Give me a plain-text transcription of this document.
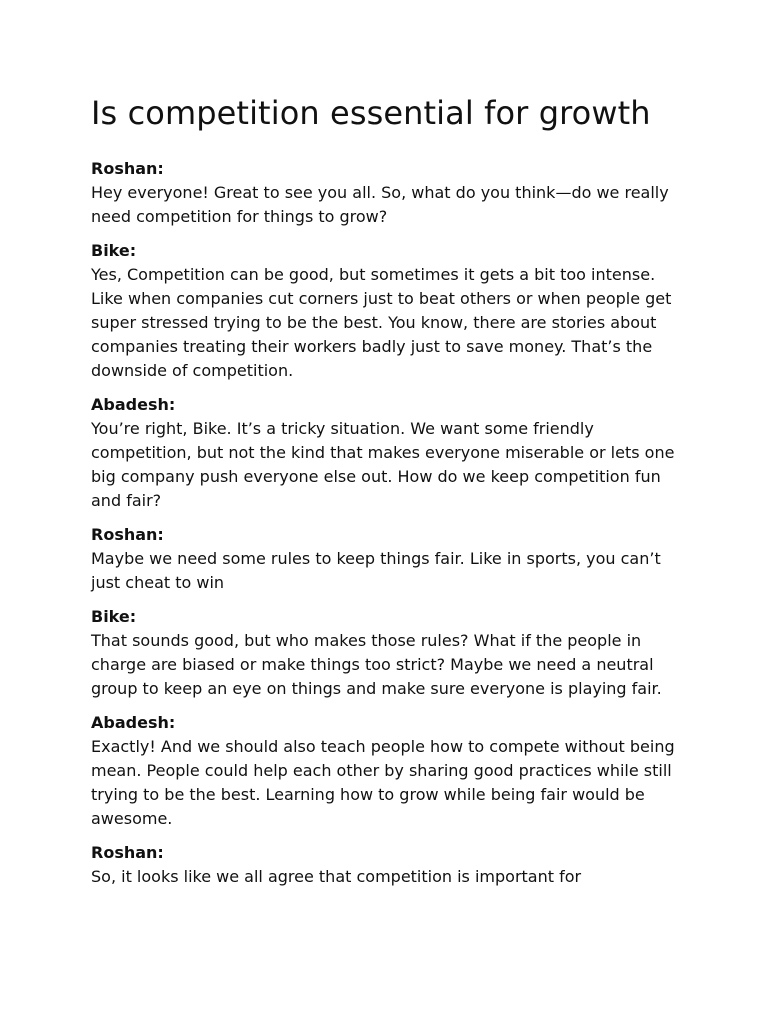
Is competition essential for growth

Roshan:

Hey everyone! Great to see you all. So, what do you think—do we really need competition for things to grow?

Bike:

Yes, Competition can be good, but sometimes it gets a bit too intense. Like when companies cut corners just to beat others or when people get super stressed trying to be the best. You know, there are stories about companies treating their workers badly just to save money. That’s the downside of competition.

Abadesh:

You’re right, Bike. It’s a tricky situation. We want some friendly competition, but not the kind that makes everyone miserable or lets one big company push everyone else out. How do we keep competition fun and fair?

Roshan:

Maybe we need some rules to keep things fair. Like in sports, you can’t just cheat to win

Bike:

That sounds good, but who makes those rules? What if the people in charge are biased or make things too strict? Maybe we need a neutral group to keep an eye on things and make sure everyone is playing fair.

Abadesh:

Exactly! And we should also teach people how to compete without being mean. People could help each other by sharing good practices while still trying to be the best. Learning how to grow while being fair would be awesome.

Roshan:

So, it looks like we all agree that competition is important for
